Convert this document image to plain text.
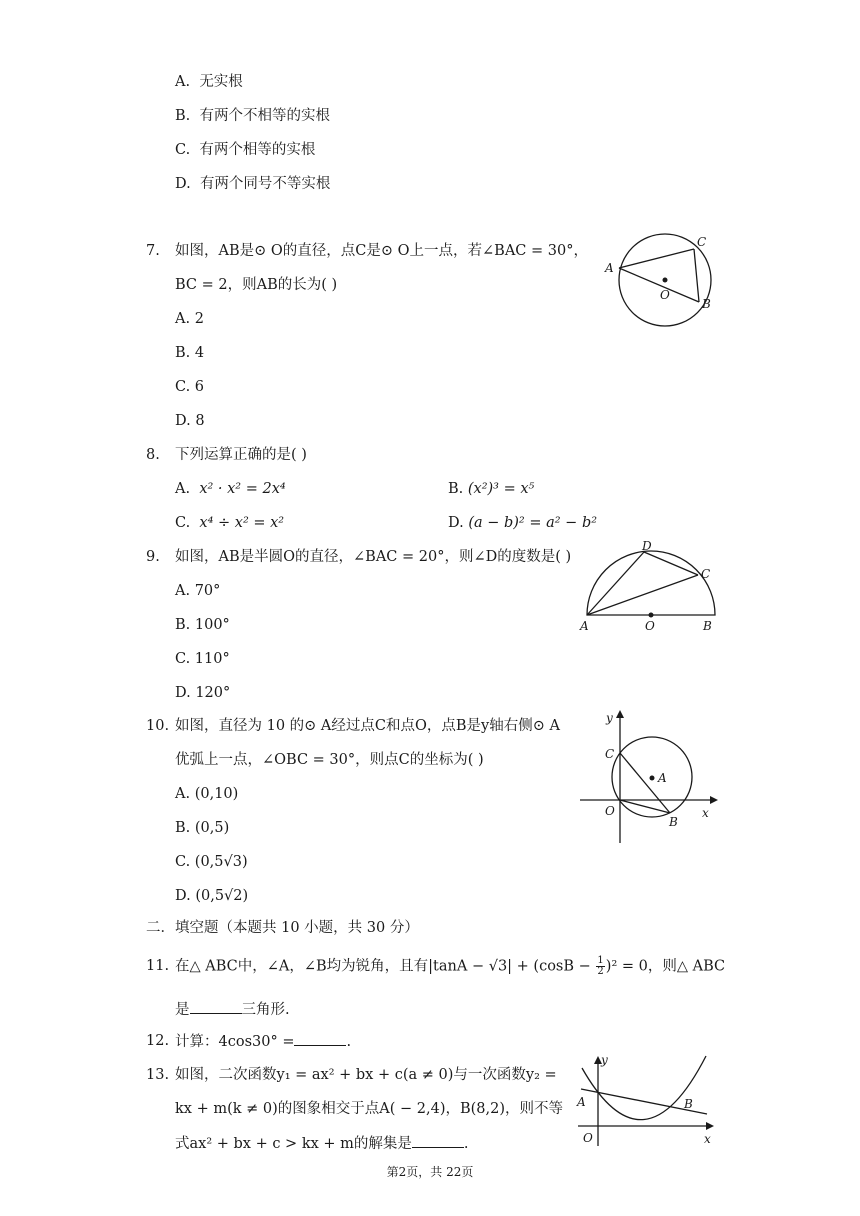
A. 无实根
B. 有两个不相等的实根
C. 有两个相等的实根
D. 有两个同号不等实根
7. 如图，AB是⊙ O的直径，点C是⊙ O上一点，若∠BAC = 30°，
BC = 2，则AB的长为( )
A. 2
B. 4
C. 6
D. 8
A
C
B
O
8. 下列运算正确的是( )
A. x² · x² = 2x⁴	B. (x²)³ = x⁵
C. x⁴ ÷ x² = x²	D. (a − b)² = a² − b²
9. 如图，AB是半圆O的直径，∠BAC = 20°，则∠D的度数是( )
A. 70°
B. 100°
C. 110°
D. 120°
A
D
C
O	B
10. 如图，直径为 10 的⊙ A经过点C和点O，点B是y轴右侧⊙ A
优弧上一点，∠OBC = 30°，则点C的坐标为( )
A. (0,10)
B. (0,5)
C. (0,5√3)
D. (0,5√2)
y
x
C
A
O
B
二．填空题（本题共 10 小题，共 30 分）
11. 在△ ABC中，∠A，∠B均为锐角，且有$|\tan A - √3| + (\cos B - \frac{1}{2} )^2 = 0$，则△ ABC
是	三角形.
12. 计算：4cos30° =	.
13. 如图，二次函数y₁ = ax² + bx + c(a ≠ 0)与一次函数y₂ =
kx + m(k ≠ 0)的图象相交于点A( − 2,4)，B(8,2)，则不等
式ax² + bx + c > kx + m的解集是	.
y
x
A	B
O
第2页，共 22页
